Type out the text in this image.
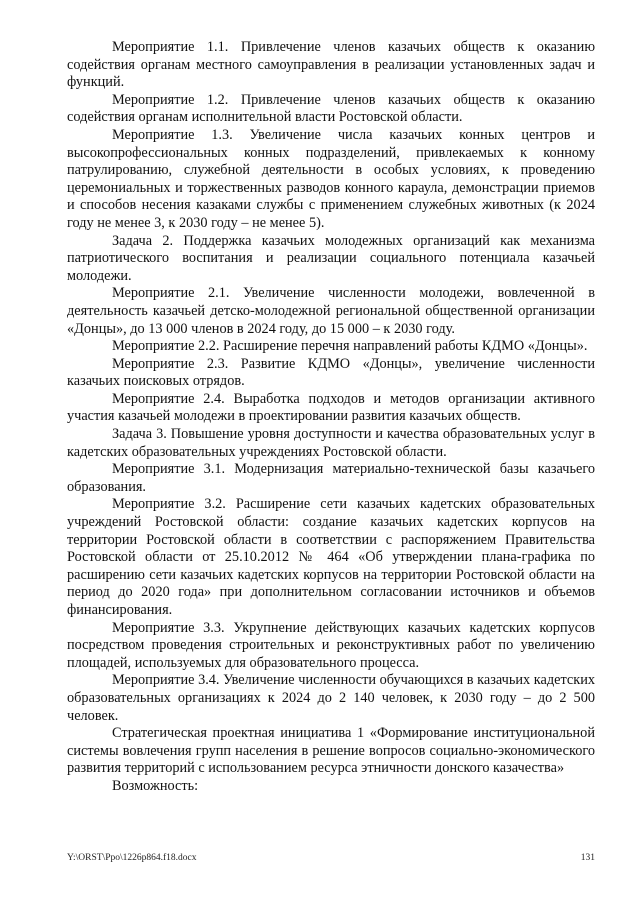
Мероприятие 1.1. Привлечение членов казачьих обществ к оказанию содействия органам местного самоуправления в реализации установленных задач и функций.

Мероприятие 1.2. Привлечение членов казачьих обществ к оказанию содействия органам исполнительной власти Ростовской области.

Мероприятие 1.3. Увеличение числа казачьих конных центров и высокопрофессиональных конных подразделений, привлекаемых к конному патрулированию, служебной деятельности в особых условиях, к проведению церемониальных и торжественных разводов конного караула, демонстрации приемов и способов несения казаками службы с применением служебных животных (к 2024 году не менее 3, к 2030 году – не менее 5).

Задача 2. Поддержка казачьих молодежных организаций как механизма патриотического воспитания и реализации социального потенциала казачьей молодежи.

Мероприятие 2.1. Увеличение численности молодежи, вовлеченной в деятельность казачьей детско-молодежной региональной общественной организации «Донцы», до 13 000 членов в 2024 году, до 15 000 – к 2030 году.

Мероприятие 2.2. Расширение перечня направлений работы КДМО «Донцы».

Мероприятие 2.3. Развитие КДМО «Донцы», увеличение численности казачьих поисковых отрядов.

Мероприятие 2.4. Выработка подходов и методов организации активного участия казачьей молодежи в проектировании развития казачьих обществ.

Задача 3. Повышение уровня доступности и качества образовательных услуг в кадетских образовательных учреждениях Ростовской области.

Мероприятие 3.1. Модернизация материально-технической базы казачьего образования.

Мероприятие 3.2. Расширение сети казачьих кадетских образовательных учреждений Ростовской области: создание казачьих кадетских корпусов на территории Ростовской области в соответствии с распоряжением Правительства Ростовской области от 25.10.2012 № 464 «Об утверждении плана-графика по расширению сети казачьих кадетских корпусов на территории Ростовской области на период до 2020 года» при дополнительном согласовании источников и объемов финансирования.

Мероприятие 3.3. Укрупнение действующих казачьих кадетских корпусов посредством проведения строительных и реконструктивных работ по увеличению площадей, используемых для образовательного процесса.

Мероприятие 3.4. Увеличение численности обучающихся в казачьих кадетских образовательных организациях к 2024 до 2 140 человек, к 2030 году – до 2 500 человек.

Стратегическая проектная инициатива 1 «Формирование институциональной системы вовлечения групп населения в решение вопросов социально-экономического развития территорий с использованием ресурса этничности донского казачества»

Возможность:

Y:\ORST\Ppo\1226p864.f18.docx	131
